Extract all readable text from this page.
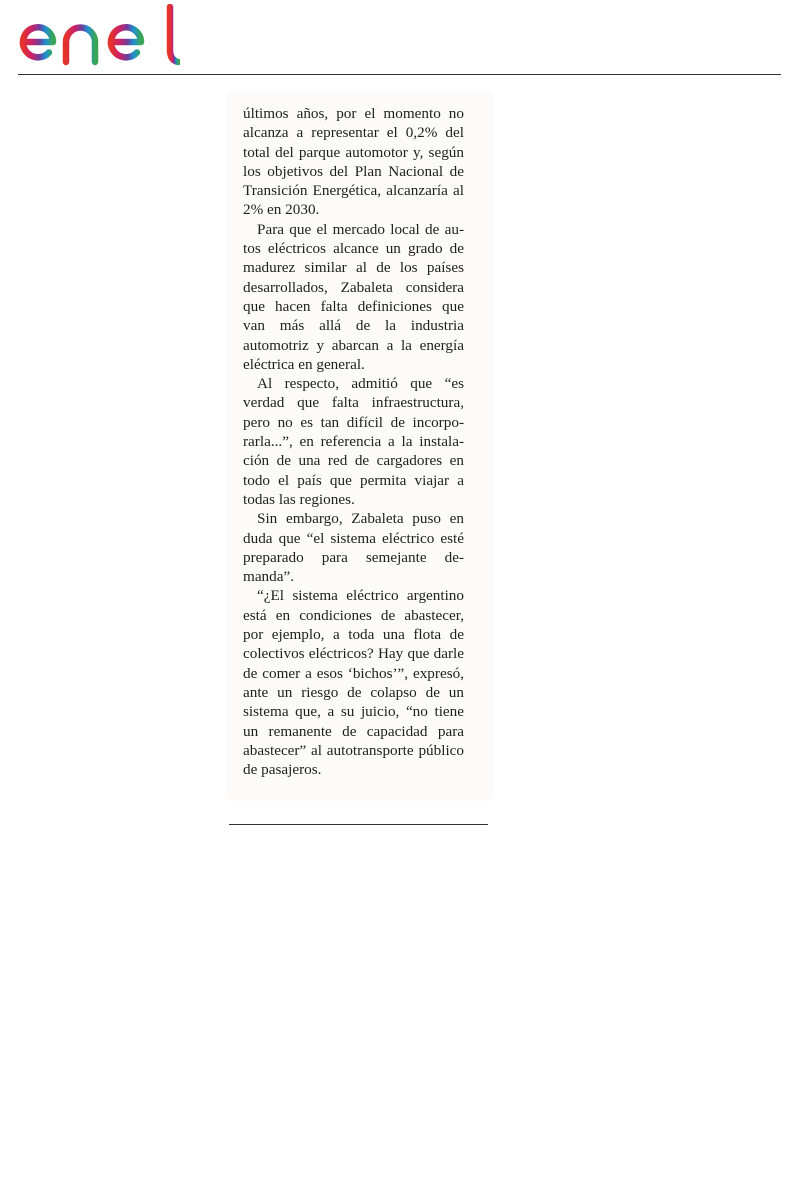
últimos años, por el momento no alcanza a representar el 0,2% del total del parque automotor y, según los objetivos del Plan Nacional de Transición Energética, alcanzaría al 2% en 2030.

Para que el mercado local de autos eléctricos alcance un grado de madurez similar al de los países desarrollados, Zabaleta considera que hacen falta definiciones que van más allá de la industria automotriz y abarcan a la energía eléctrica en general.

Al respecto, admitió que “es verdad que falta infraestructura, pero no es tan difícil de incorporarla...”, en referencia a la instalación de una red de cargadores en todo el país que permita viajar a todas las regiones.

Sin embargo, Zabaleta puso en duda que “el sistema eléctrico esté preparado para semejante demanda”.

“¿El sistema eléctrico argentino está en condiciones de abastecer, por ejemplo, a toda una flota de colectivos eléctricos? Hay que darle de comer a esos ‘bichos’”, expresó, ante un riesgo de colapso de un sistema que, a su juicio, “no tiene un remanente de capacidad para abastecer” al autotransporte público de pasajeros.
